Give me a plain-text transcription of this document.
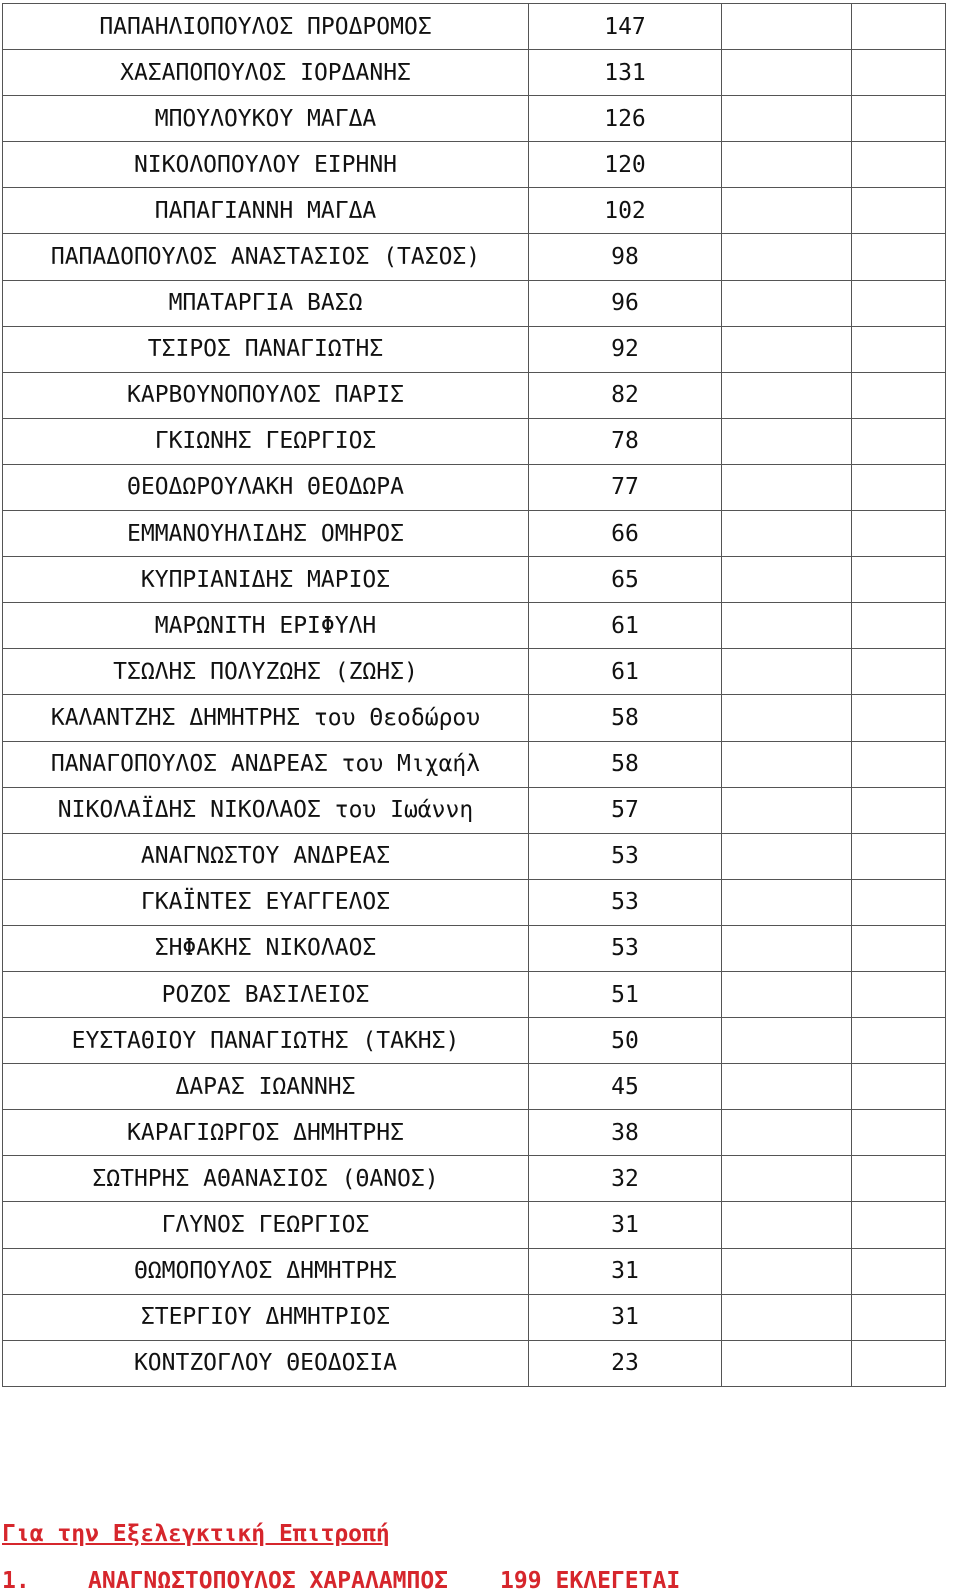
ΠΑΠΑΗΛΙΟΠΟΥΛΟΣ ΠΡΟΔΡΟΜΟΣ	147		
ΧΑΣΑΠΟΠΟΥΛΟΣ ΙΟΡΔΑΝΗΣ	131		
ΜΠΟΥΛΟΥΚΟΥ ΜΑΓΔΑ	126		
ΝΙΚΟΛΟΠΟΥΛΟΥ ΕΙΡΗΝΗ	120		
ΠΑΠΑΓΙΑΝΝΗ ΜΑΓΔΑ	102		
ΠΑΠΑΔΟΠΟΥΛΟΣ ΑΝΑΣΤΑΣΙΟΣ (ΤΑΣΟΣ)	98		
ΜΠΑΤΑΡΓΙΑ ΒΑΣΩ	96		
ΤΣΙΡΟΣ ΠΑΝΑΓΙΩΤΗΣ	92		
ΚΑΡΒΟΥΝΟΠΟΥΛΟΣ ΠΑΡΙΣ	82		
ΓΚΙΩΝΗΣ ΓΕΩΡΓΙΟΣ	78		
ΘΕΟΔΩΡΟΥΛΑΚΗ ΘΕΟΔΩΡΑ	77		
ΕΜΜΑΝΟΥΗΛΙΔΗΣ ΟΜΗΡΟΣ	66		
ΚΥΠΡΙΑΝΙΔΗΣ ΜΑΡΙΟΣ	65		
ΜΑΡΩΝΙΤΗ ΕΡΙΦΥΛΗ	61		
ΤΣΩΛΗΣ ΠΟΛΥΖΩΗΣ (ΖΩΗΣ)	61		
ΚΑΛΑΝΤΖΗΣ ΔΗΜΗΤΡΗΣ του Θεοδώρου	58		
ΠΑΝΑΓΟΠΟΥΛΟΣ ΑΝΔΡΕΑΣ του Μιχαήλ	58		
ΝΙΚΟΛΑΪΔΗΣ ΝΙΚΟΛΑΟΣ του Ιωάννη	57		
ΑΝΑΓΝΩΣΤΟΥ ΑΝΔΡΕΑΣ	53		
ΓΚΑΪΝΤΕΣ ΕΥΑΓΓΕΛΟΣ	53		
ΣΗΦΑΚΗΣ ΝΙΚΟΛΑΟΣ	53		
ΡΟΖΟΣ ΒΑΣΙΛΕΙΟΣ	51		
ΕΥΣΤΑΘΙΟΥ ΠΑΝΑΓΙΩΤΗΣ (ΤΑΚΗΣ)	50		
ΔΑΡΑΣ ΙΩΑΝΝΗΣ	45		
ΚΑΡΑΓΙΩΡΓΟΣ ΔΗΜΗΤΡΗΣ	38		
ΣΩΤΗΡΗΣ ΑΘΑΝΑΣΙΟΣ (ΘΑΝΟΣ)	32		
ΓΛΥΝΟΣ ΓΕΩΡΓΙΟΣ	31		
ΘΩΜΟΠΟΥΛΟΣ ΔΗΜΗΤΡΗΣ	31		
ΣΤΕΡΓΙΟΥ ΔΗΜΗΤΡΙΟΣ	31		
ΚΟΝΤΖΟΓΛΟΥ ΘΕΟΔΟΣΙΑ	23		
Για την Εξελεγκτική Επιτροπή
1.	ΑΝΑΓΝΩΣΤΟΠΟΥΛΟΣ ΧΑΡΑΛΑΜΠΟΣ 199 ΕΚΛΕΓΕΤΑΙ
